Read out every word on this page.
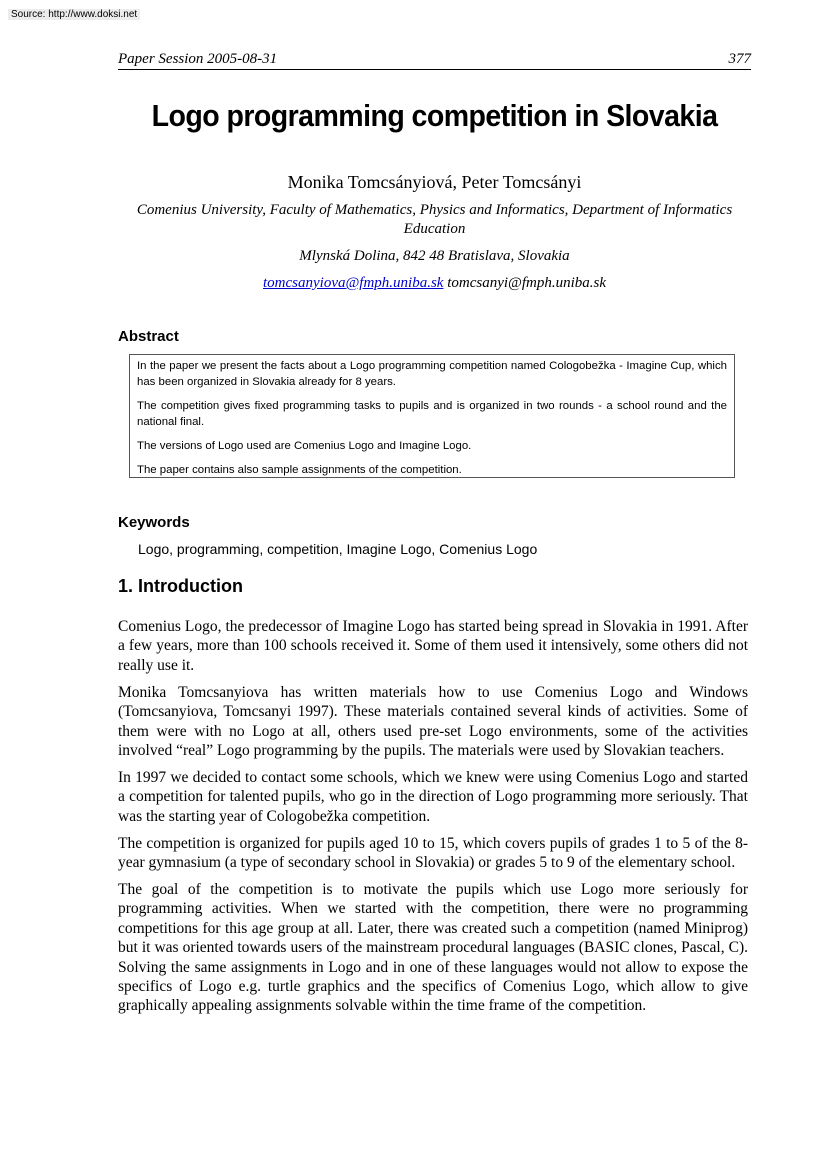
Source: http://www.doksi.net
Paper Session 2005-08-31	377
Logo programming competition in Slovakia
Monika Tomcsányiová, Peter Tomcsányi
Comenius University, Faculty of Mathematics, Physics and Informatics, Department of Informatics Education
Mlynská Dolina, 842 48 Bratislava, Slovakia
tomcsanyiova@fmph.uniba.sk tomcsanyi@fmph.uniba.sk
Abstract

In the paper we present the facts about a Logo programming competition named Cologobežka - Imagine Cup, which has been organized in Slovakia already for 8 years.

The competition gives fixed programming tasks to pupils and is organized in two rounds - a school round and the national final.

The versions of Logo used are Comenius Logo and Imagine Logo.

The paper contains also sample assignments of the competition.

Keywords
Logo, programming, competition, Imagine Logo, Comenius Logo
1. Introduction

Comenius Logo, the predecessor of Imagine Logo has started being spread in Slovakia in 1991. After a few years, more than 100 schools received it. Some of them used it intensively, some others did not really use it.

Monika Tomcsanyiova has written materials how to use Comenius Logo and Windows (Tomcsanyiova, Tomcsanyi 1997). These materials contained several kinds of activities. Some of them were with no Logo at all, others used pre-set Logo environments, some of the activities involved “real” Logo programming by the pupils. The materials were used by Slovakian teachers.

In 1997 we decided to contact some schools, which we knew were using Comenius Logo and started a competition for talented pupils, who go in the direction of Logo programming more seriously. That was the starting year of Cologobežka competition.

The competition is organized for pupils aged 10 to 15, which covers pupils of grades 1 to 5 of the 8-year gymnasium (a type of secondary school in Slovakia) or grades 5 to 9 of the elementary school.

The goal of the competition is to motivate the pupils which use Logo more seriously for programming activities. When we started with the competition, there were no programming competitions for this age group at all. Later, there was created such a competition (named Miniprog) but it was oriented towards users of the mainstream procedural languages (BASIC clones, Pascal, C). Solving the same assignments in Logo and in one of these languages would not allow to expose the specifics of Logo e.g. turtle graphics and the specifics of Comenius Logo, which allow to give graphically appealing assignments solvable within the time frame of the competition.
